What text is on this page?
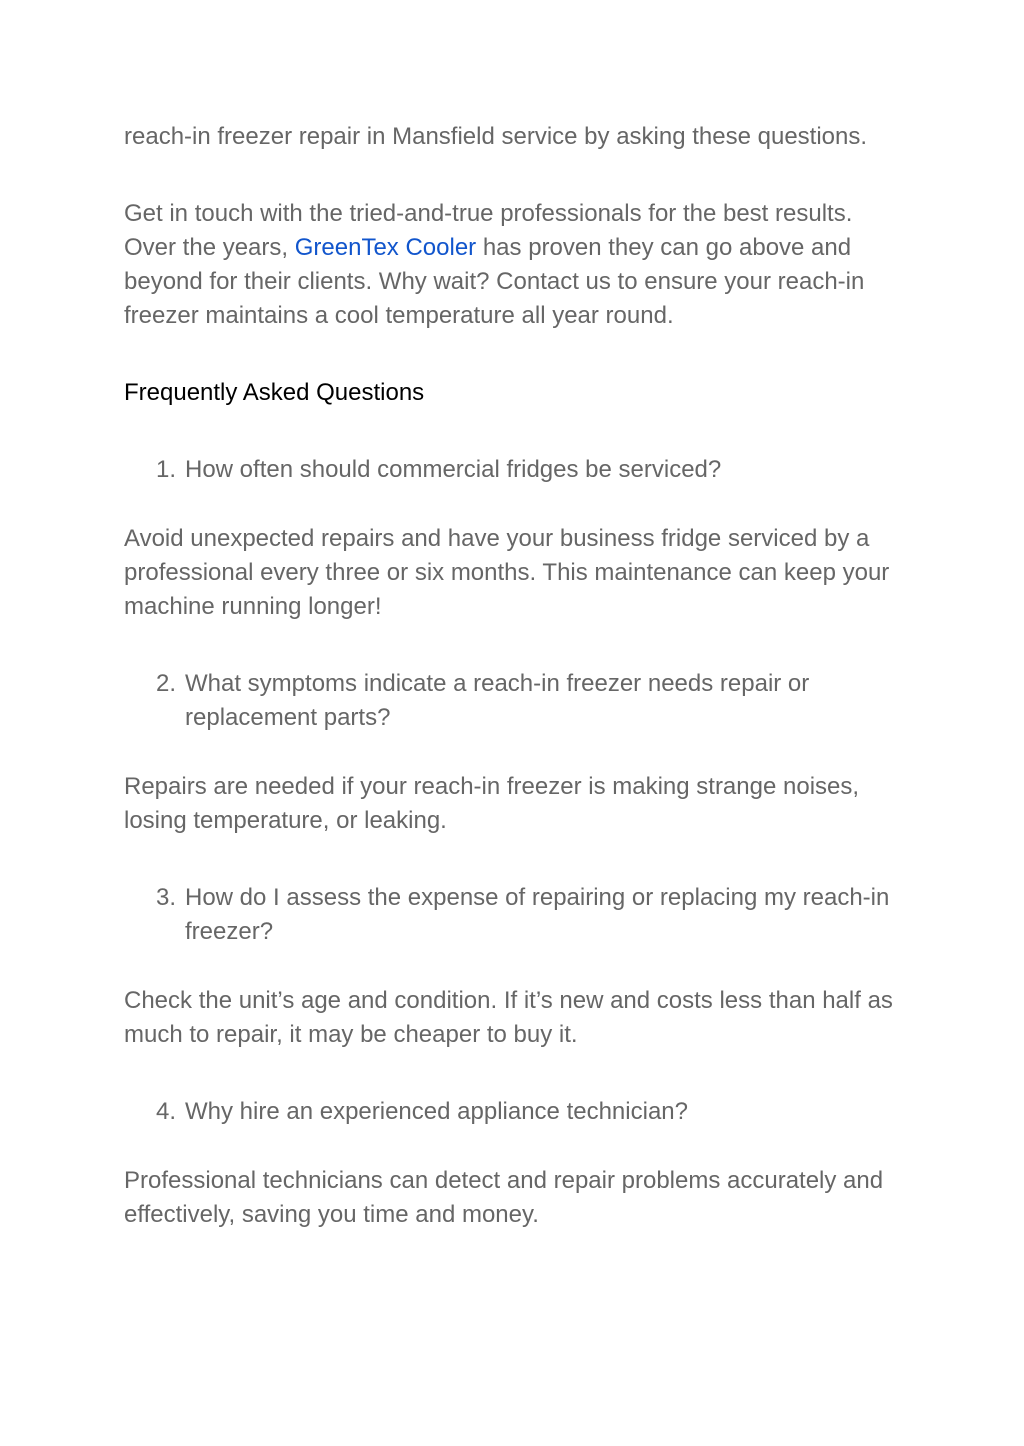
reach-in freezer repair in Mansfield service by asking these questions.

Get in touch with the tried-and-true professionals for the best results. Over the years, GreenTex Cooler has proven they can go above and beyond for their clients. Why wait? Contact us to ensure your reach-in freezer maintains a cool temperature all year round.

Frequently Asked Questions
1. How often should commercial fridges be serviced?

Avoid unexpected repairs and have your business fridge serviced by a professional every three or six months. This maintenance can keep your machine running longer!

2. What symptoms indicate a reach-in freezer needs repair or replacement parts?

Repairs are needed if your reach-in freezer is making strange noises, losing temperature, or leaking.

3. How do I assess the expense of repairing or replacing my reach-in freezer?

Check the unit’s age and condition. If it’s new and costs less than half as much to repair, it may be cheaper to buy it.

4. Why hire an experienced appliance technician?

Professional technicians can detect and repair problems accurately and effectively, saving you time and money.
